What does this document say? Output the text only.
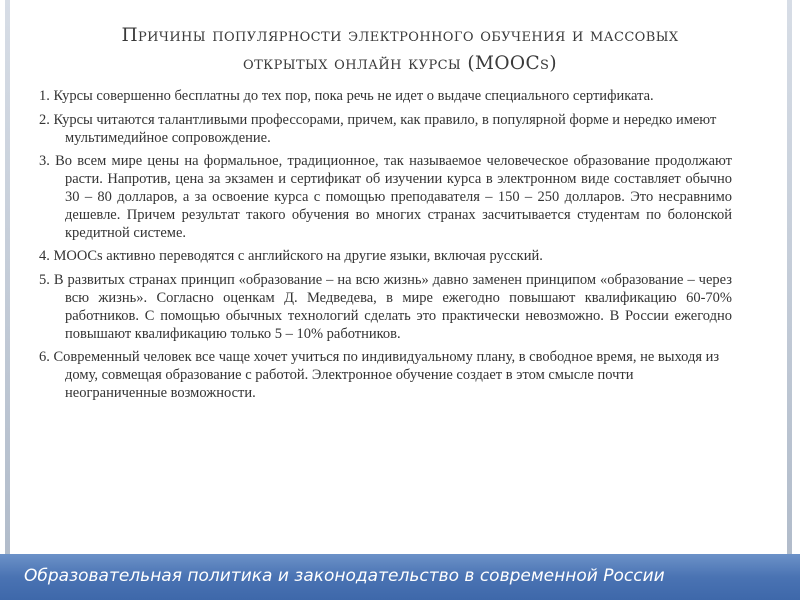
Причины популярности электронного обучения и массовых
открытых онлайн курсы (MOOCs)
1. Курсы совершенно бесплатны до тех пор, пока речь не идет о выдаче специального сертификата.
2. Курсы читаются талантливыми профессорами, причем, как правило, в популярной форме и нередко имеют мультимедийное сопровождение.
3. Во всем мире цены на формальное, традиционное, так называемое человеческое образование продолжают расти. Напротив, цена за экзамен и сертификат об изучении курса в электронном виде составляет обычно 30 – 80 долларов, а за освоение курса с помощью преподавателя – 150 – 250 долларов. Это несравнимо дешевле. Причем результат такого обучения во многих странах засчитывается студентам по болонской кредитной системе.
4. MOOCs активно переводятся с английского на другие языки, включая русский.
5. В развитых странах принцип «образование – на всю жизнь» давно заменен принципом «образование – через всю жизнь». Согласно оценкам Д. Медведева, в мире ежегодно повышают квалификацию 60-70% работников. С помощью обычных технологий сделать это практически невозможно. В России ежегодно повышают квалификацию только 5 – 10% работников.
6. Современный человек все чаще хочет учиться по индивидуальному плану, в свободное время, не выходя из дому, совмещая образование с работой. Электронное обучение создает в этом смысле почти неограниченные возможности.
Образовательная политика и законодательство в современной России
